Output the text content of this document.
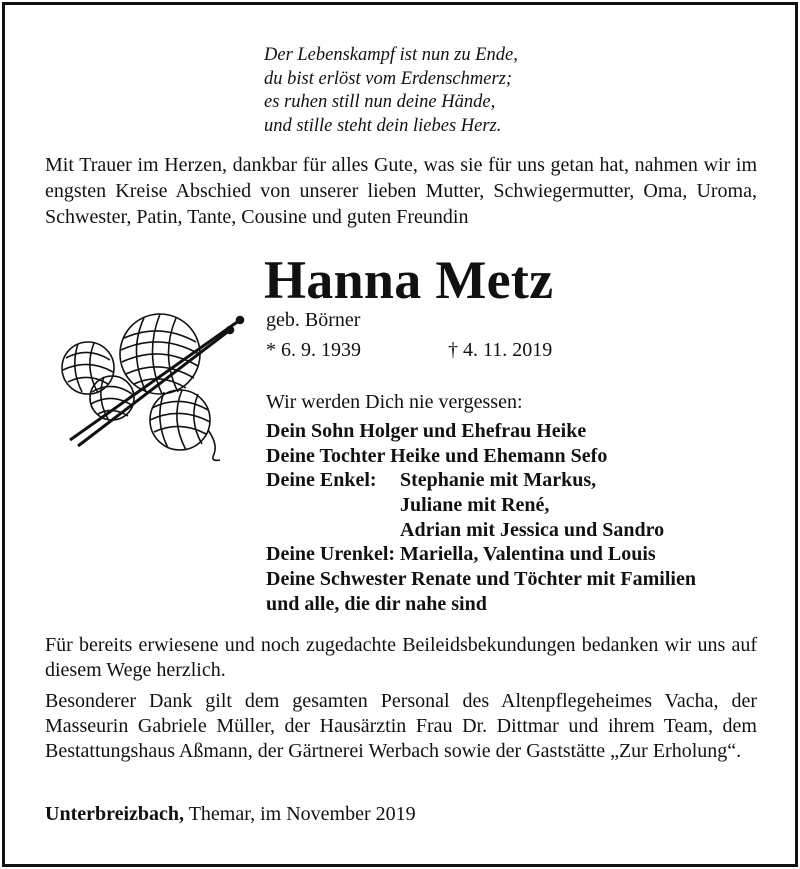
Der Lebenskampf ist nun zu Ende,
du bist erlöst vom Erdenschmerz;
es ruhen still nun deine Hände,
und stille steht dein liebes Herz.
Mit Trauer im Herzen, dankbar für alles Gute, was sie für uns getan hat, nahmen wir im engsten Kreise Abschied von unserer lieben Mutter, Schwiegermutter, Oma, Uroma, Schwester, Patin, Tante, Cousine und guten Freundin
Hanna Metz
geb. Börner
* 6. 9. 1939	† 4. 11. 2019
Wir werden Dich nie vergessen:
Dein Sohn Holger und Ehefrau Heike
Deine Tochter Heike und Ehemann Sefo
Deine Enkel: Stephanie mit Markus,
Juliane mit René,
Adrian mit Jessica und Sandro
Deine Urenkel: Mariella, Valentina und Louis
Deine Schwester Renate und Töchter mit Familien
und alle, die dir nahe sind

Für bereits erwiesene und noch zugedachte Beileidsbekundungen bedanken wir uns auf diesem Wege herzlich.

Besonderer Dank gilt dem gesamten Personal des Altenpflegeheimes Vacha, der Masseurin Gabriele Müller, der Hausärztin Frau Dr. Dittmar und ihrem Team, dem Bestattungshaus Aßmann, der Gärtnerei Werbach sowie der Gaststätte „Zur Erholung“.

Unterbreizbach, Themar, im November 2019
